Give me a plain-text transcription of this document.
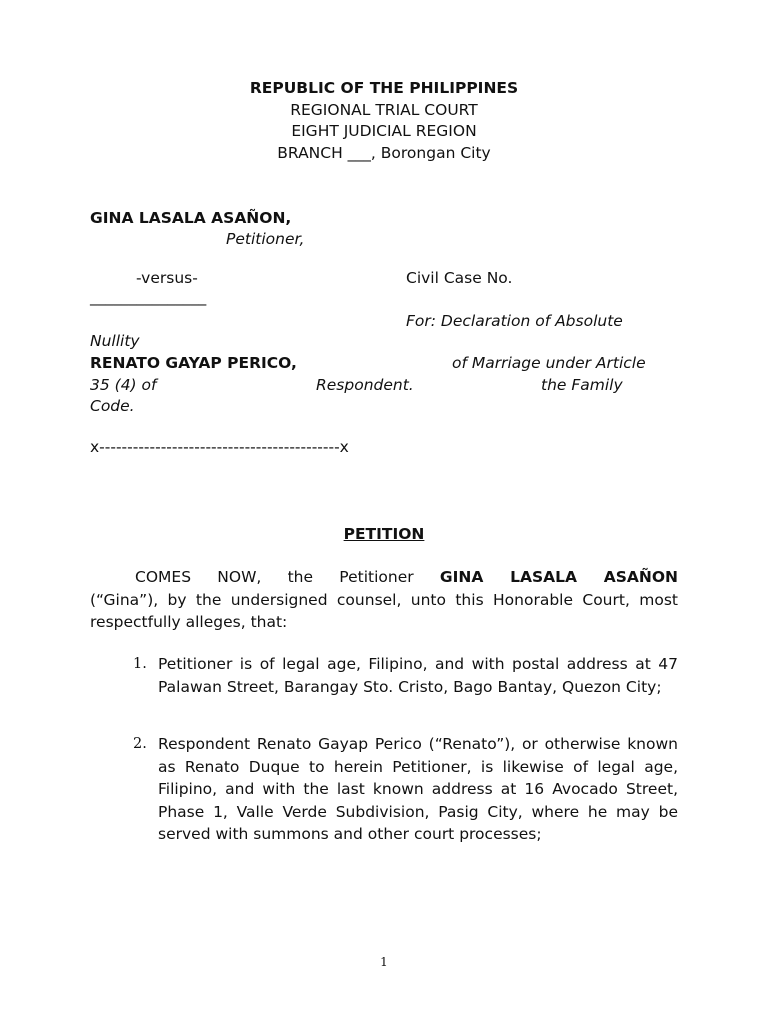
REPUBLIC OF THE PHILIPPINES
REGIONAL TRIAL COURT
EIGHT JUDICIAL REGION
BRANCH ___, Borongan City
GINA LASALA ASAÑON,
Petitioner,
-versus-	Civil Case No.
_______________
For: Declaration of Absolute
Nullity
RENATO GAYAP PERICO,	of Marriage under Article
35 (4) of	Respondent.	the Family
Code.
x-------------------------------------------x
PETITION
COMES NOW, the Petitioner GINA LASALA ASAÑON
(“Gina”), by the undersigned counsel, unto this Honorable Court, most respectfully alleges, that:
1. Petitioner is of legal age, Filipino, and with postal address at 47 Palawan Street, Barangay Sto. Cristo, Bago Bantay, Quezon City;
2. Respondent Renato Gayap Perico (“Renato”), or otherwise known as Renato Duque to herein Petitioner, is likewise of legal age, Filipino, and with the last known address at 16 Avocado Street, Phase 1, Valle Verde Subdivision, Pasig City, where he may be served with summons and other court processes;
1
